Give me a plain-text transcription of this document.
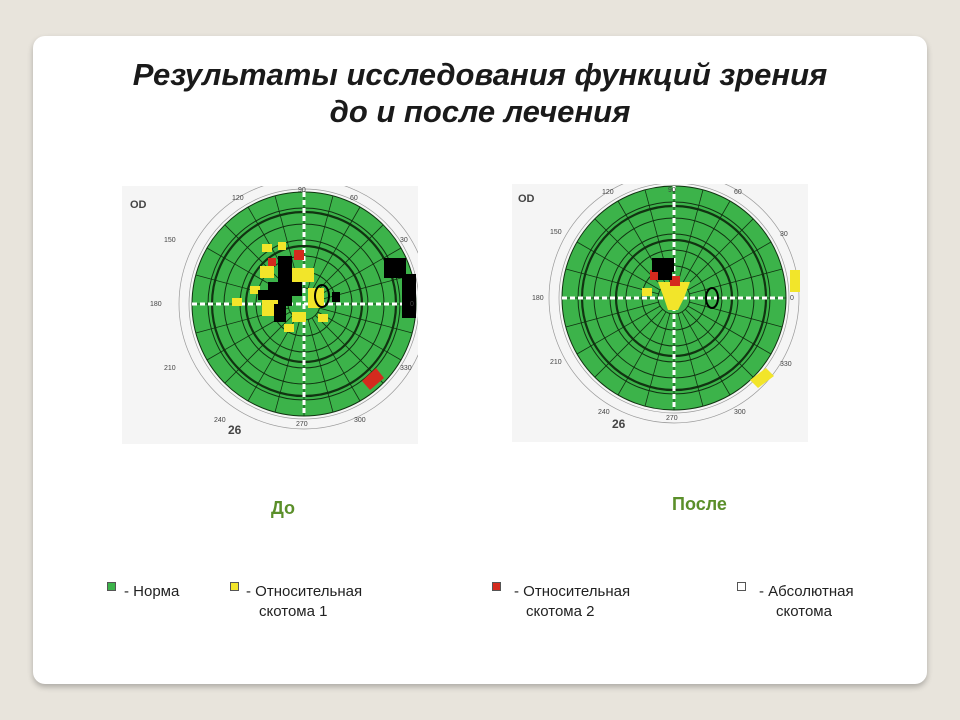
Результаты исследования функций зрения
до и после лечения
OD
26
120
90
60
150	30
180	0
210	330
240
270
300
OD
26
120	90	60
150	30
180	0
210	330
240
270
300
До	После
- Норма	- Относительная
скотома 1
- Относительная
скотома 2
- Абсолютная
скотома
